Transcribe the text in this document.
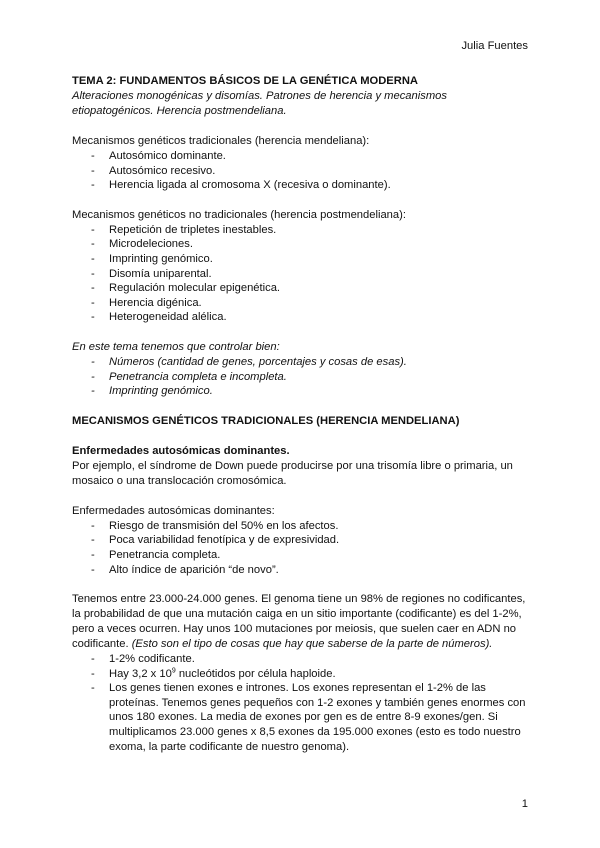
Julia Fuentes

TEMA 2: FUNDAMENTOS BÁSICOS DE LA GENÉTICA MODERNA

Alteraciones monogénicas y disomías. Patrones de herencia y mecanismos

etiopatogénicos. Herencia postmendeliana.

Mecanismos genéticos tradicionales (herencia mendeliana):

- Autosómico dominante.
- Autosómico recesivo.
- Herencia ligada al cromosoma X (recesiva o dominante).

Mecanismos genéticos no tradicionales (herencia postmendeliana):

- Repetición de tripletes inestables.
- Microdeleciones.
- Imprinting genómico.
- Disomía uniparental.
- Regulación molecular epigenética.
- Herencia digénica.
- Heterogeneidad alélica.

En este tema tenemos que controlar bien:

- Números (cantidad de genes, porcentajes y cosas de esas).
- Penetrancia completa e incompleta.
- Imprinting genómico.

MECANISMOS GENÉTICOS TRADICIONALES (HERENCIA MENDELIANA)

Enfermedades autosómicas dominantes.

Por ejemplo, el síndrome de Down puede producirse por una trisomía libre o primaria, un

mosaico o una translocación cromosómica.

Enfermedades autosómicas dominantes:

- Riesgo de transmisión del 50% en los afectos.
- Poca variabilidad fenotípica y de expresividad.
- Penetrancia completa.
- Alto índice de aparición “de novo”.

Tenemos entre 23.000-24.000 genes. El genoma tiene un 98% de regiones no codificantes,

la probabilidad de que una mutación caiga en un sitio importante (codificante) es del 1-2%,

pero a veces ocurren. Hay unos 100 mutaciones por meiosis, que suelen caer en ADN no

codificante. (Esto son el tipo de cosas que hay que saberse de la parte de números).

- 1-2% codificante.
- Hay 3,2 x $10^9$ nucleótidos por célula haploide.
- Los genes tienen exones e intrones. Los exones representan el 1-2% de las
proteínas. Tenemos genes pequeños con 1-2 exones y también genes enormes con
unos 180 exones. La media de exones por gen es de entre 8-9 exones/gen. Si
multiplicamos 23.000 genes x 8,5 exones da 195.000 exones (esto es todo nuestro
exoma, la parte codificante de nuestro genoma).
1
